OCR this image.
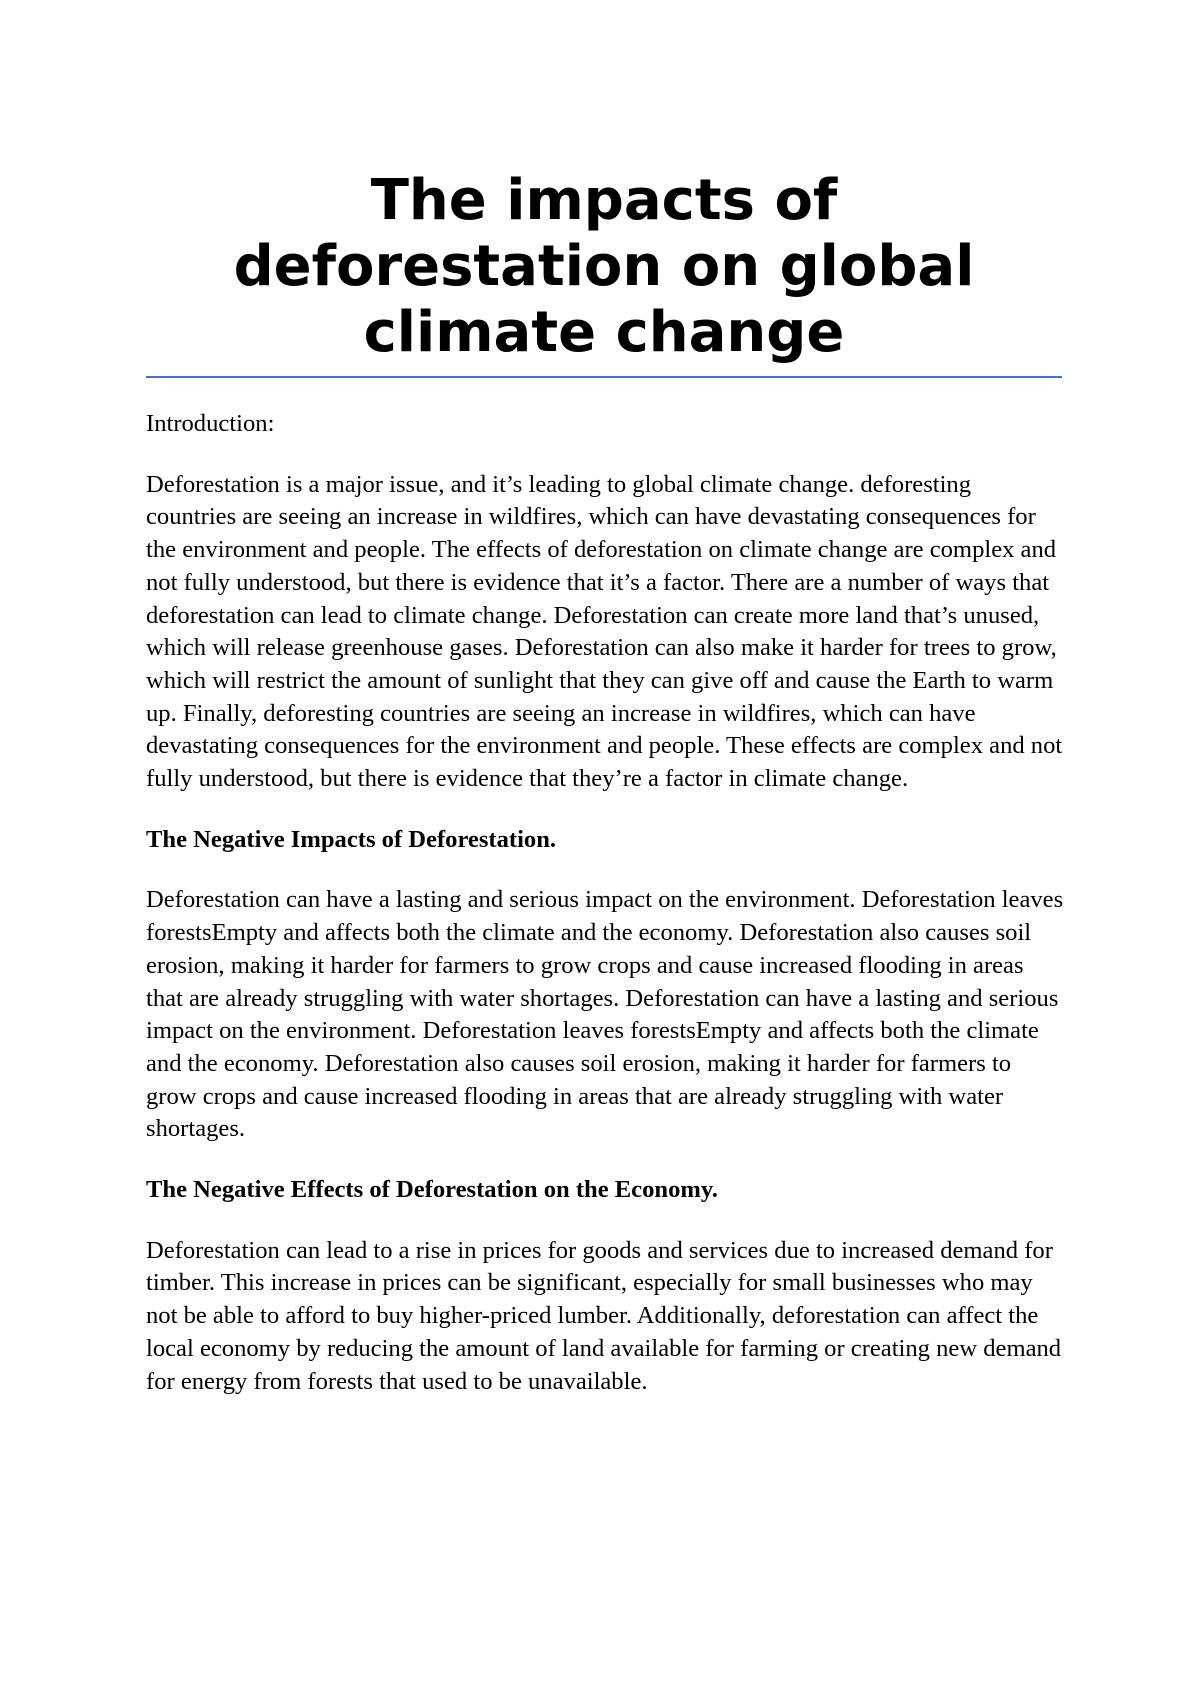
The impacts of
deforestation on global
climate change

Introduction:

Deforestation is a major issue, and it’s leading to global climate change. deforesting countries are seeing an increase in wildfires, which can have devastating consequences for the environment and people. The effects of deforestation on climate change are complex and not fully understood, but there is evidence that it’s a factor. There are a number of ways that deforestation can lead to climate change. Deforestation can create more land that’s unused, which will release greenhouse gases. Deforestation can also make it harder for trees to grow, which will restrict the amount of sunlight that they can give off and cause the Earth to warm up. Finally, deforesting countries are seeing an increase in wildfires, which can have devastating consequences for the environment and people. These effects are complex and not fully understood, but there is evidence that they’re a factor in climate change.

The Negative Impacts of Deforestation.

Deforestation can have a lasting and serious impact on the environment. Deforestation leaves forestsEmpty and affects both the climate and the economy. Deforestation also causes soil erosion, making it harder for farmers to grow crops and cause increased flooding in areas that are already struggling with water shortages. Deforestation can have a lasting and serious impact on the environment. Deforestation leaves forestsEmpty and affects both the climate and the economy. Deforestation also causes soil erosion, making it harder for farmers to grow crops and cause increased flooding in areas that are already struggling with water shortages.

The Negative Effects of Deforestation on the Economy.

Deforestation can lead to a rise in prices for goods and services due to increased demand for timber. This increase in prices can be significant, especially for small businesses who may not be able to afford to buy higher-priced lumber. Additionally, deforestation can affect the local economy by reducing the amount of land available for farming or creating new demand for energy from forests that used to be unavailable.
